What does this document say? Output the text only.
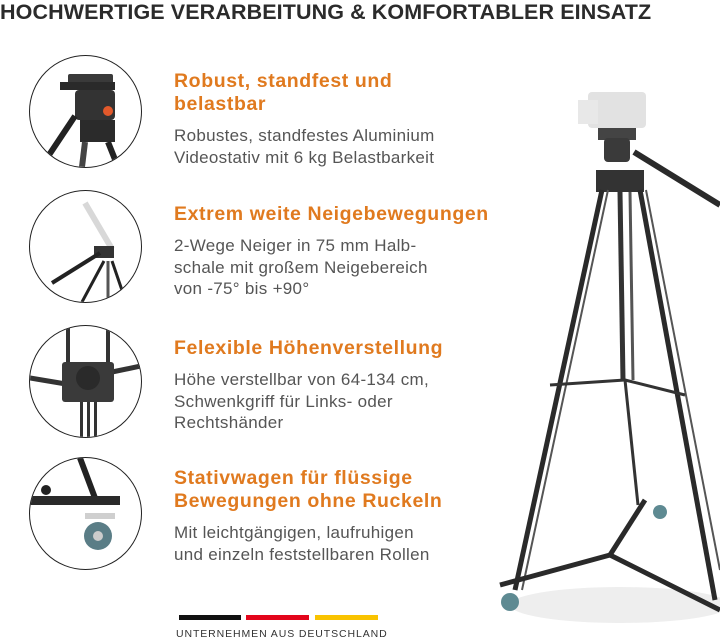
HOCHWERTIGE VERARBEITUNG & KOMFORTABLER EINSATZ
Robust, standfest und
belastbar
Robustes, standfestes Aluminium
Videostativ mit 6 kg Belastbarkeit
Extrem weite Neigebewegungen
2-Wege Neiger in 75 mm Halb-
schale mit großem Neigebereich
von -75° bis +90°
Felexible Höhenverstellung
Höhe verstellbar von 64-134 cm,
Schwenkgriff für Links- oder
Rechtshänder
Stativwagen für flüssige
Bewegungen ohne Ruckeln
Mit leichtgängigen, laufruhigen
und einzeln feststellbaren Rollen
UNTERNEHMEN AUS DEUTSCHLAND
